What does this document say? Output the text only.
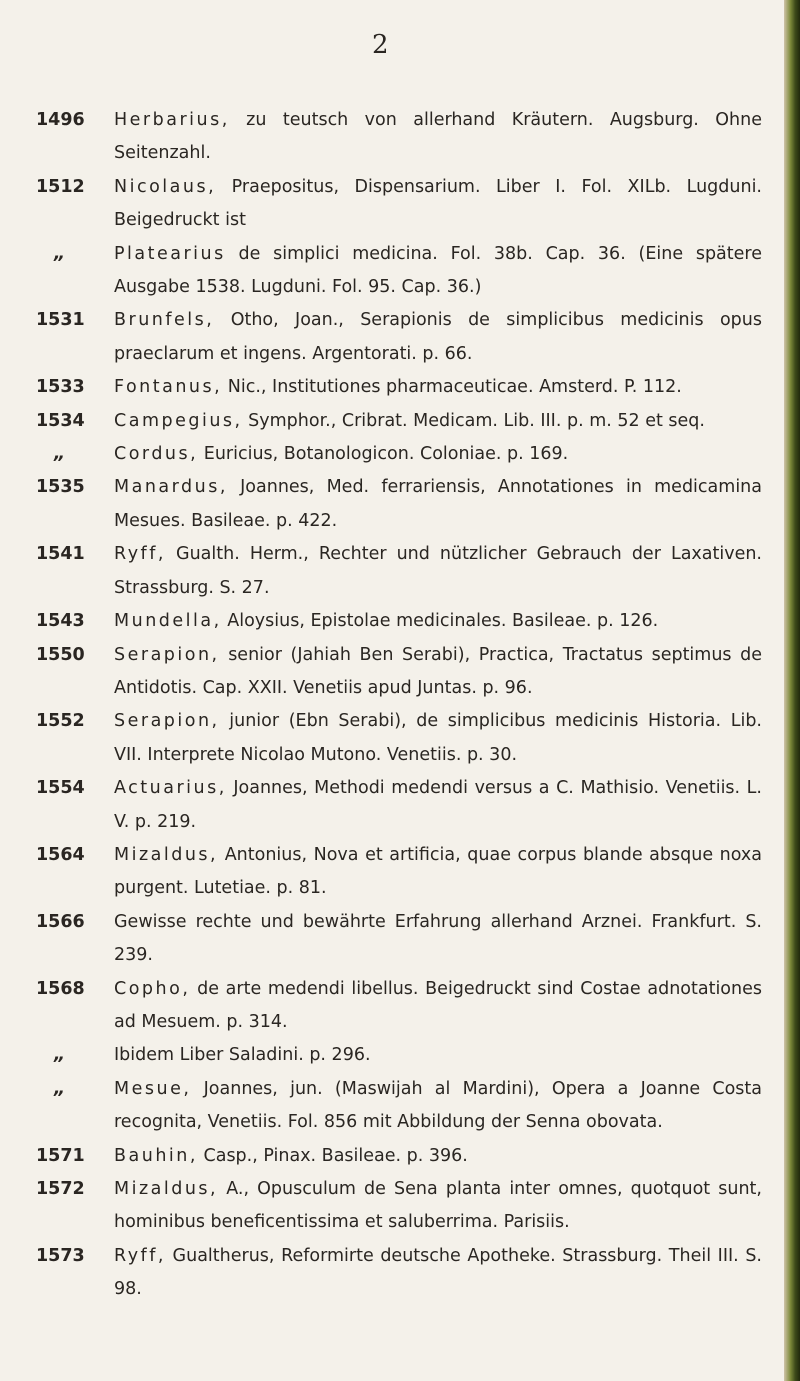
2
1496	Herbarius, zu teutsch von allerhand Kräutern. Augsburg. Ohne Seitenzahl.
1512	Nicolaus, Praepositus, Dispensarium. Liber I. Fol. XILb. Lugduni. Beigedruckt ist
„	Platearius de simplici medicina. Fol. 38b. Cap. 36. (Eine spätere Ausgabe 1538. Lugduni. Fol. 95. Cap. 36.)
1531	Brunfels, Otho, Joan., Serapionis de simplicibus medicinis opus praeclarum et ingens. Argentorati. p. 66.
1533	Fontanus, Nic., Institutiones pharmaceuticae. Amsterd. P. 112.
1534	Campegius, Symphor., Cribrat. Medicam. Lib. III. p. m. 52 et seq.
„	Cordus, Euricius, Botanologicon. Coloniae. p. 169.
1535	Manardus, Joannes, Med. ferrariensis, Annotationes in medicamina Mesues. Basileae. p. 422.
1541	Ryff, Gualth. Herm., Rechter und nützlicher Gebrauch der Laxativen. Strassburg. S. 27.
1543	Mundella, Aloysius, Epistolae medicinales. Basileae. p. 126.
1550	Serapion, senior (Jahiah Ben Serabi), Practica, Tractatus septimus de Antidotis. Cap. XXII. Venetiis apud Juntas. p. 96.
1552	Serapion, junior (Ebn Serabi), de simplicibus medicinis Historia. Lib. VII. Interprete Nicolao Mutono. Venetiis. p. 30.
1554	Actuarius, Joannes, Methodi medendi versus a C. Mathisio. Venetiis. L. V. p. 219.
1564	Mizaldus, Antonius, Nova et artificia, quae corpus blande absque noxa purgent. Lutetiae. p. 81.
1566	Gewisse rechte und bewährte Erfahrung allerhand Arznei. Frankfurt. S. 239.
1568	Copho, de arte medendi libellus. Beigedruckt sind Costae adnotationes ad Mesuem. p. 314.
„	Ibidem Liber Saladini. p. 296.
„	Mesue, Joannes, jun. (Maswijah al Mardini), Opera a Joanne Costa recognita, Venetiis. Fol. 856 mit Abbildung der Senna obovata.
1571	Bauhin, Casp., Pinax. Basileae. p. 396.
1572	Mizaldus, A., Opusculum de Sena planta inter omnes, quotquot sunt, hominibus beneficentissima et saluberrima. Parisiis.
1573	Ryff, Gualtherus, Reformirte deutsche Apotheke. Strassburg. Theil III. S. 98.
